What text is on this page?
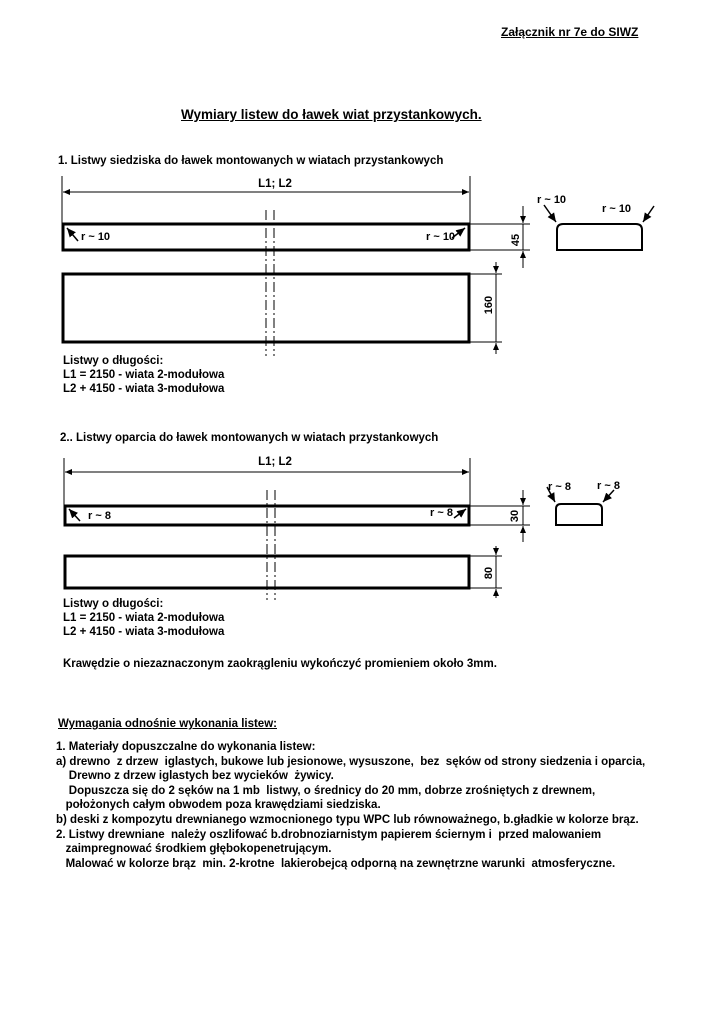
Załącznik nr 7e do SIWZ
Wymiary listew do ławek wiat przystankowych.
1. Listwy siedziska do ławek montowanych w wiatach przystankowych
L1; L2
r ~ 10	r ~ 10	45
160
r ~ 10
r ~ 10
L1; L2
r ~ 8	r ~ 8	30
80
r ~ 8 r ~ 8
Listwy o długości:
L1 = 2150 - wiata 2-modułowa
L2 + 4150 - wiata 3-modułowa
2.. Listwy oparcia do ławek montowanych w wiatach przystankowych
Listwy o długości:
L1 = 2150 - wiata 2-modułowa
L2 + 4150 - wiata 3-modułowa
Krawędzie o niezaznaczonym zaokrągleniu wykończyć promieniem około 3mm.
Wymagania odnośnie wykonania listew:
1. Materiały dopuszczalne do wykonania listew:
a) drewno  z drzew  iglastych, bukowe lub jesionowe, wysuszone,  bez  sęków od strony siedzenia i oparcia,
Drewno z drzew iglastych bez wycieków  żywicy.
Dopuszcza się do 2 sęków na 1 mb  listwy, o średnicy do 20 mm, dobrze zrośniętych z drewnem,
położonych całym obwodem poza krawędziami siedziska.
b) deski z kompozytu drewnianego wzmocnionego typu WPC lub równoważnego, b.gładkie w kolorze brąz.
2. Listwy drewniane  należy oszlifować b.drobnoziarnistym papierem ściernym i  przed malowaniem
zaimpregnować środkiem głębokopenetrującym.
Malować w kolorze brąz  min. 2-krotne  lakierobejcą odporną na zewnętrzne warunki  atmosferyczne.
